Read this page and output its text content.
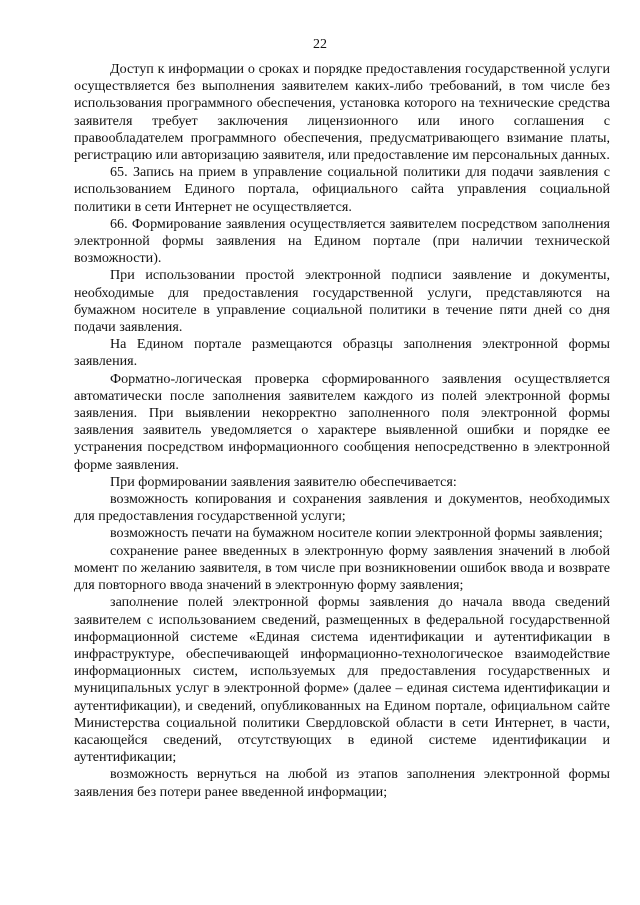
22

Доступ к информации о сроках и порядке предоставления государственной услуги осуществляется без выполнения заявителем каких-либо требований, в том числе без использования программного обеспечения, установка которого на технические средства заявителя требует заключения лицензионного или иного соглашения с правообладателем программного обеспечения, предусматривающего взимание платы, регистрацию или авторизацию заявителя, или предоставление им персональных данных.

65. Запись на прием в управление социальной политики для подачи заявления с использованием Единого портала, официального сайта управления социальной политики в сети Интернет не осуществляется.

66. Формирование заявления осуществляется заявителем посредством заполнения электронной формы заявления на Едином портале (при наличии технической возможности).

При использовании простой электронной подписи заявление и документы, необходимые для предоставления государственной услуги, представляются на бумажном носителе в управление социальной политики в течение пяти дней со дня подачи заявления.

На Едином портале размещаются образцы заполнения электронной формы заявления.

Форматно-логическая проверка сформированного заявления осуществляется автоматически после заполнения заявителем каждого из полей электронной формы заявления. При выявлении некорректно заполненного поля электронной формы заявления заявитель уведомляется о характере выявленной ошибки и порядке ее устранения посредством информационного сообщения непосредственно в электронной форме заявления.

При формировании заявления заявителю обеспечивается:

возможность копирования и сохранения заявления и документов, необходимых для предоставления государственной услуги;

возможность печати на бумажном носителе копии электронной формы заявления;

сохранение ранее введенных в электронную форму заявления значений в любой момент по желанию заявителя, в том числе при возникновении ошибок ввода и возврате для повторного ввода значений в электронную форму заявления;

заполнение полей электронной формы заявления до начала ввода сведений заявителем с использованием сведений, размещенных в федеральной государственной информационной системе «Единая система идентификации и аутентификации в инфраструктуре, обеспечивающей информационно-технологическое взаимодействие информационных систем, используемых для предоставления государственных и муниципальных услуг в электронной форме» (далее – единая система идентификации и аутентификации), и сведений, опубликованных на Едином портале, официальном сайте Министерства социальной политики Свердловской области в сети Интернет, в части, касающейся сведений, отсутствующих в единой системе идентификации и аутентификации;

возможность вернуться на любой из этапов заполнения электронной формы заявления без потери ранее введенной информации;
